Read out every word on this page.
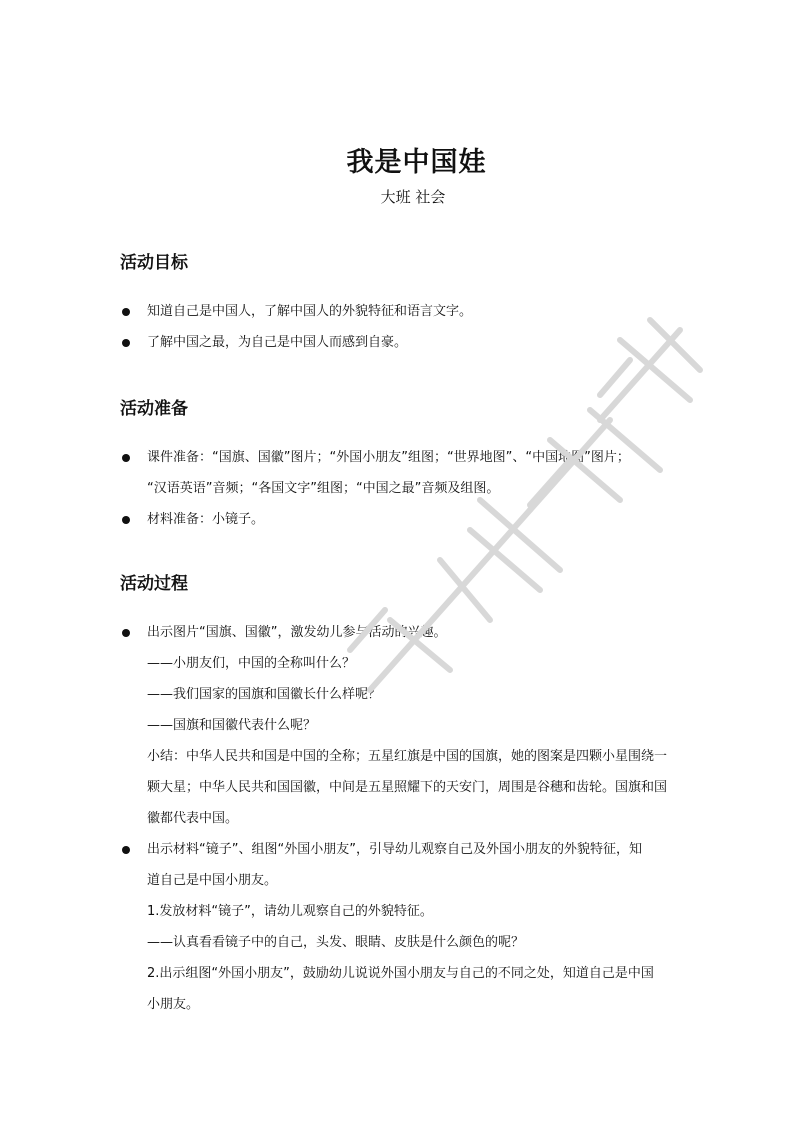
我是中国娃
大班 社会
活动目标
知道自己是中国人，了解中国人的外貌特征和语言文字。
了解中国之最，为自己是中国人而感到自豪。
活动准备
课件准备：“国旗、国徽”图片；“外国小朋友”组图；“世界地图”、“中国地图”图片；
“汉语英语”音频；“各国文字”组图；“中国之最”音频及组图。
材料准备：小镜子。
活动过程
出示图片“国旗、国徽”，激发幼儿参与活动的兴趣。
——小朋友们，中国的全称叫什么？
——我们国家的国旗和国徽长什么样呢？
——国旗和国徽代表什么呢？
小结：中华人民共和国是中国的全称；五星红旗是中国的国旗，她的图案是四颗小星围绕一
颗大星；中华人民共和国国徽，中间是五星照耀下的天安门，周围是谷穗和齿轮。国旗和国
徽都代表中国。
出示材料“镜子”、组图“外国小朋友”，引导幼儿观察自己及外国小朋友的外貌特征，知
道自己是中国小朋友。
1.发放材料“镜子”，请幼儿观察自己的外貌特征。
——认真看看镜子中的自己，头发、眼睛、皮肤是什么颜色的呢？
2.出示组图“外国小朋友”，鼓励幼儿说说外国小朋友与自己的不同之处，知道自己是中国
小朋友。
